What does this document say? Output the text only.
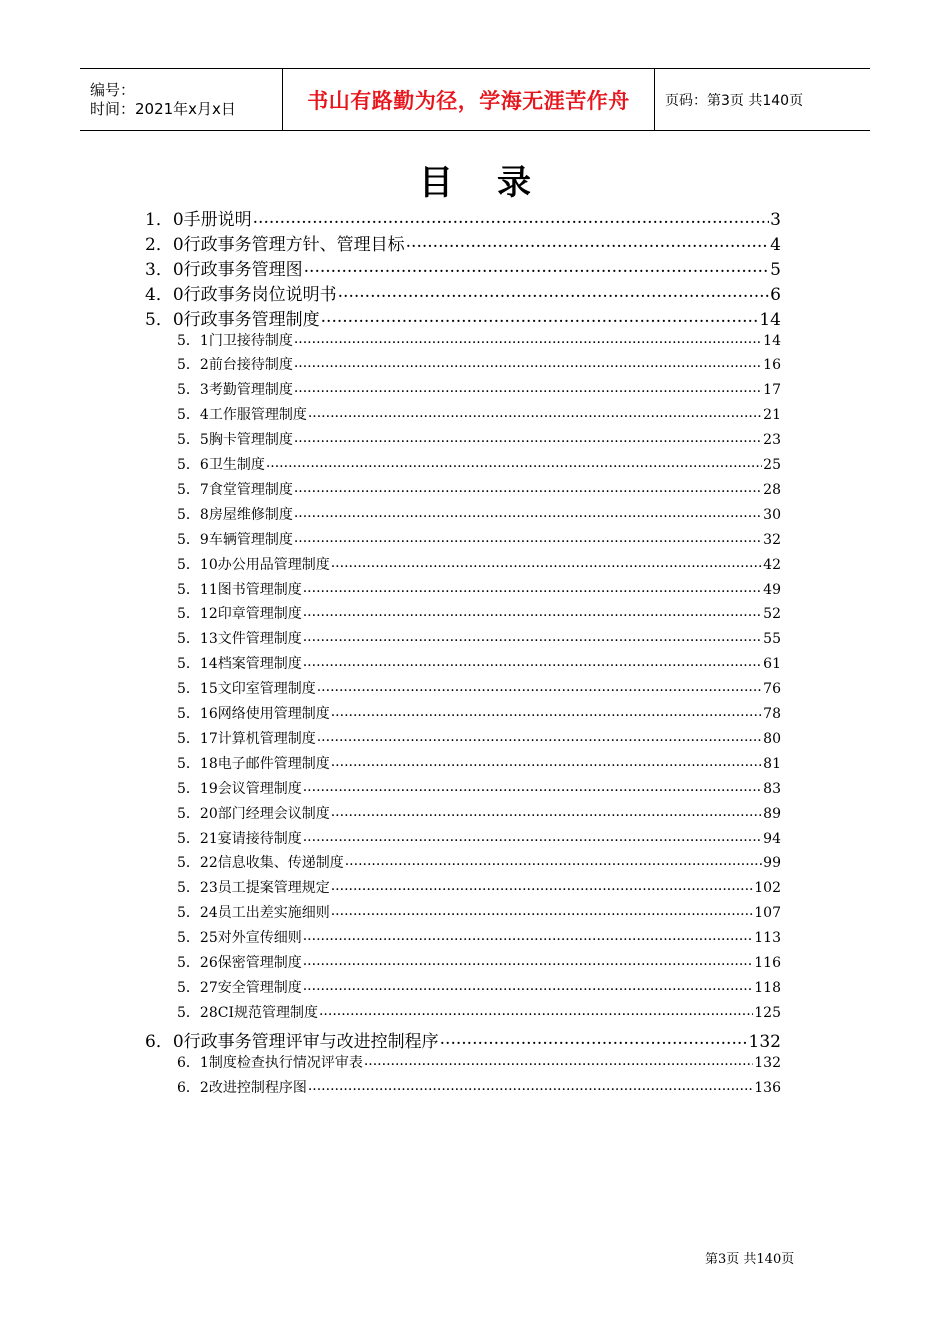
编号：
时间：2021年x月x日	书山有路勤为径，学海无涯苦作舟	页码：第3页 共140页
目录
1．0 手册说明 .....	3
2．0 行政事务管理方针、管理目标 .....	4
3．0 行政事务管理图 .....	5
4．0 行政事务岗位说明书 .....	6
5．0 行政事务管理制度 .....	14
5．1 门卫接待制度 .....	14
5．2 前台接待制度 .....	16
5．3 考勤管理制度 .....	17
5．4 工作服管理制度 .....	21
5．5 胸卡管理制度 .....	23
5．6 卫生制度 .....	25
5．7 食堂管理制度 .....	28
5．8 房屋维修制度 .....	30
5．9 车辆管理制度 .....	32
5．10 办公用品管理制度 .....	42
5．11 图书管理制度 .....	49
5．12 印章管理制度 .....	52
5．13 文件管理制度 .....	55
5．14 档案管理制度 .....	61
5．15 文印室管理制度 .....	76
5．16 网络使用管理制度 .....	78
5．17 计算机管理制度 .....	80
5．18 电子邮件管理制度 .....	81
5．19 会议管理制度 .....	83
5．20 部门经理会议制度 .....	89
5．21 宴请接待制度 .....	94
5．22 信息收集、传递制度 .....	99
5．23 员工提案管理规定 .....	102
5．24 员工出差实施细则 .....	107
5．25 对外宣传细则 .....	113
5．26 保密管理制度 .....	116
5．27 安全管理制度 .....	118
5．28 CI规范管理制度 .....	125
6．0 行政事务管理评审与改进控制程序 .....	132
6．1 制度检查执行情况评审表 .....	132
6．2 改进控制程序图 .....	136
第3页 共140页
